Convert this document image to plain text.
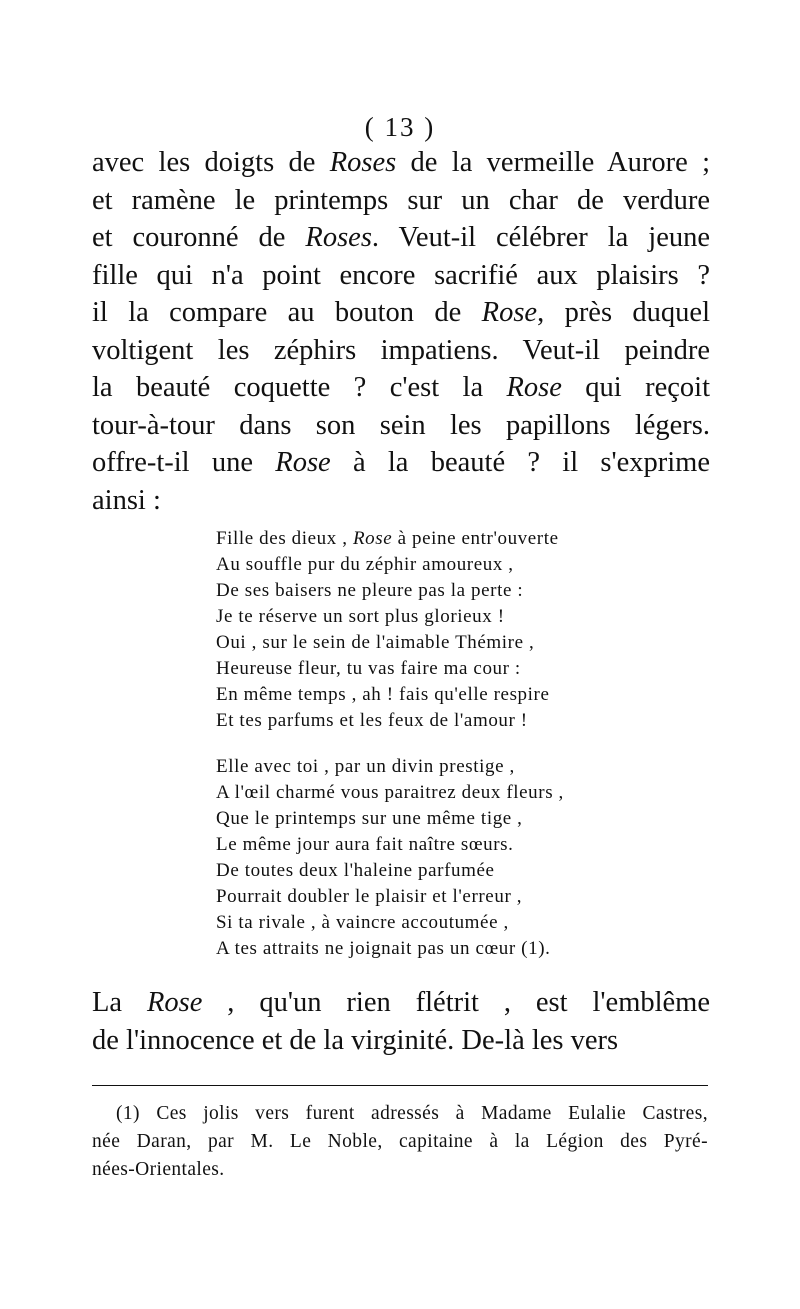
( 13 )
avec les doigts de Roses de la vermeille Aurore ;
et ramène le printemps sur un char de verdure
et couronné de Roses. Veut-il célébrer la jeune
fille qui n'a point encore sacrifié aux plaisirs ?
il la compare au bouton de Rose, près duquel
voltigent les zéphirs impatiens. Veut-il peindre
la beauté coquette ? c'est la Rose qui reçoit
tour-à-tour dans son sein les papillons légers.
offre-t-il une Rose à la beauté ? il s'exprime
ainsi :
Fille des dieux , Rose à peine entr'ouverte
Au souffle pur du zéphir amoureux ,
De ses baisers ne pleure pas la perte :
Je te réserve un sort plus glorieux !
Oui , sur le sein de l'aimable Thémire ,
Heureuse fleur, tu vas faire ma cour :
En même temps , ah ! fais qu'elle respire
Et tes parfums et les feux de l'amour !
Elle avec toi , par un divin prestige ,
A l'œil charmé vous paraitrez deux fleurs ,
Que le printemps sur une même tige ,
Le même jour aura fait naître sœurs.
De toutes deux l'haleine parfumée
Pourrait doubler le plaisir et l'erreur ,
Si ta rivale , à vaincre accoutumée ,
A tes attraits ne joignait pas un cœur (1).
La Rose , qu'un rien flétrit , est l'emblême
de l'innocence et de la virginité. De-là les vers
(1) Ces jolis vers furent adressés à Madame Eulalie Castres,
née Daran, par M. Le Noble, capitaine à la Légion des Pyré-
nées-Orientales.
